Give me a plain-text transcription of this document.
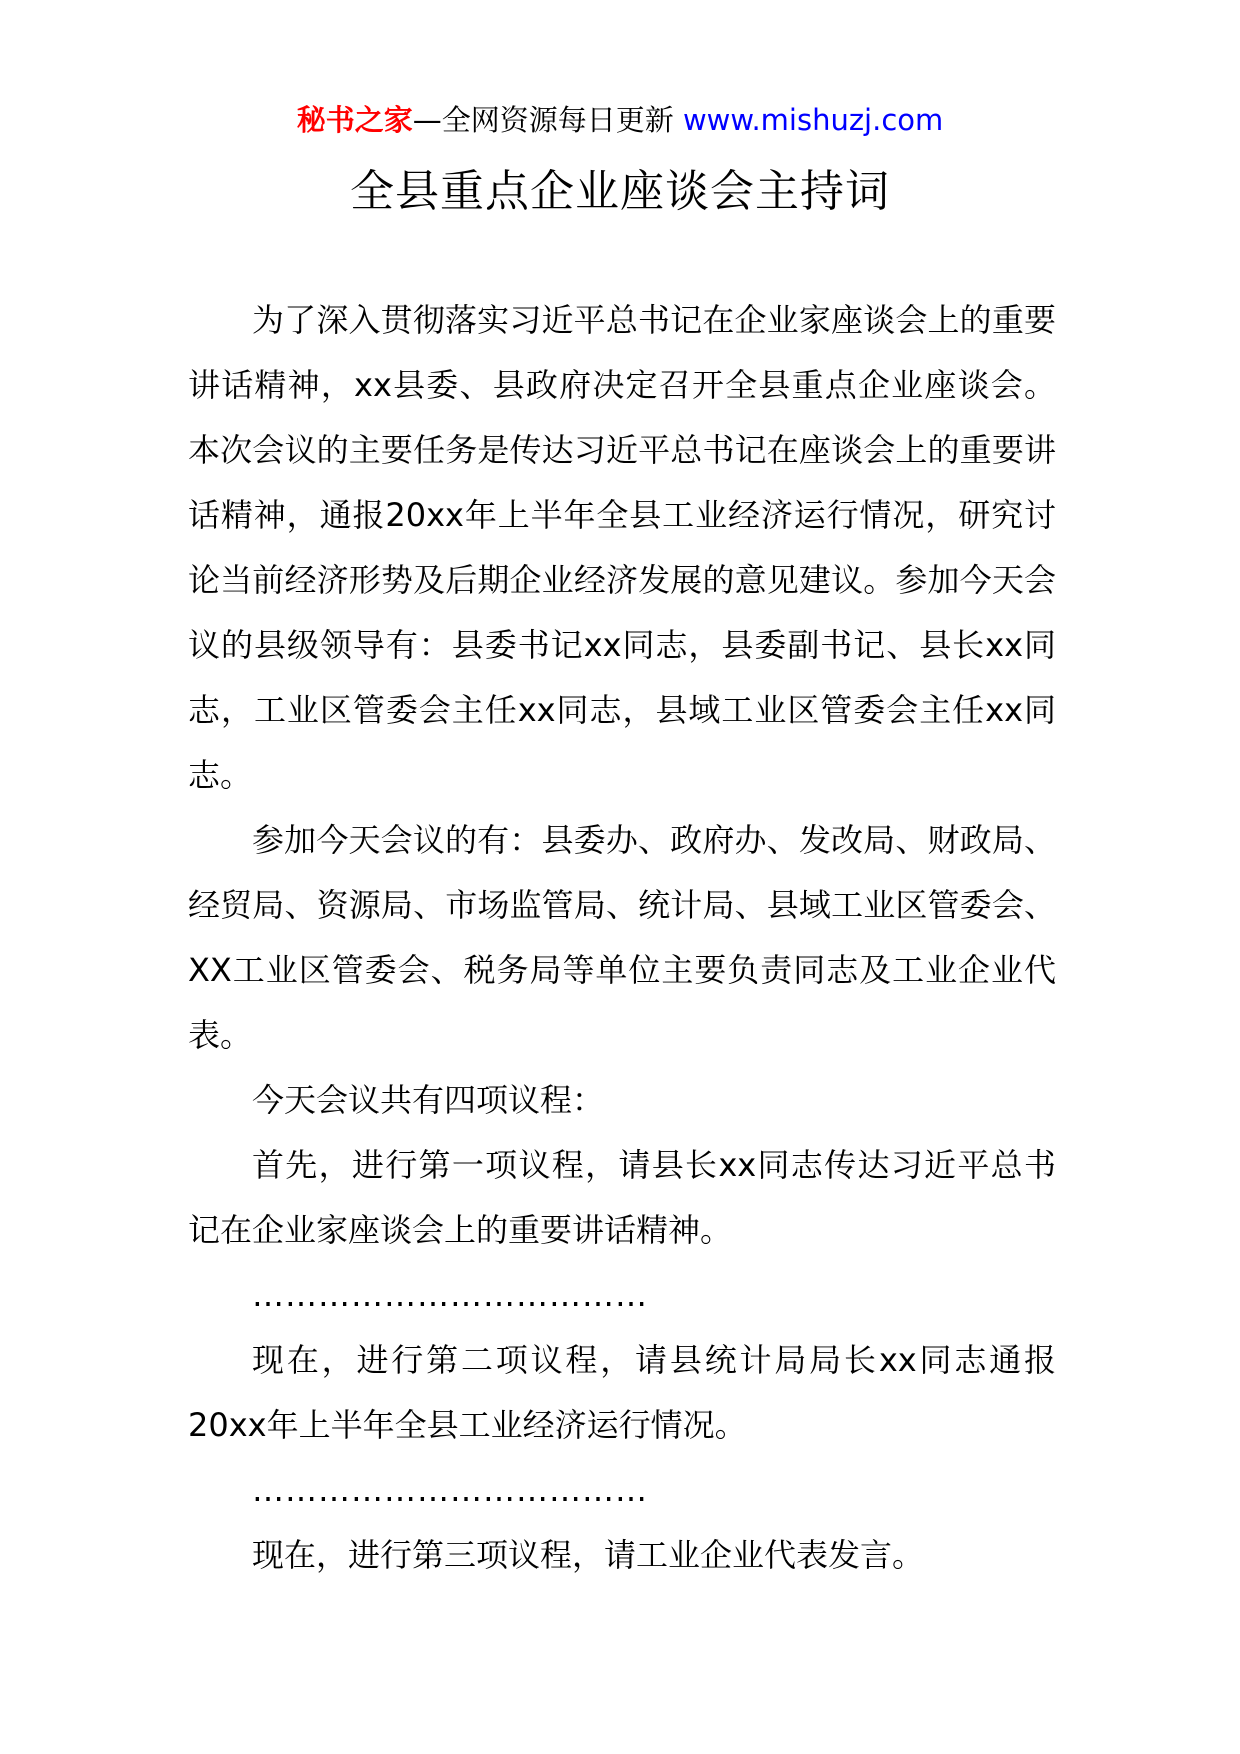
秘书之家—全网资源每日更新 www.mishuzj.com
全县重点企业座谈会主持词

为了深入贯彻落实习近平总书记在企业家座谈会上的重要讲话精神，xx县委、县政府决定召开全县重点企业座谈会。本次会议的主要任务是传达习近平总书记在座谈会上的重要讲话精神，通报20xx年上半年全县工业经济运行情况，研究讨论当前经济形势及后期企业经济发展的意见建议。参加今天会议的县级领导有：县委书记xx同志，县委副书记、县长xx同志，工业区管委会主任xx同志，县域工业区管委会主任xx同志。

参加今天会议的有：县委办、政府办、发改局、财政局、经贸局、资源局、市场监管局、统计局、县域工业区管委会、XX工业区管委会、税务局等单位主要负责同志及工业企业代表。

今天会议共有四项议程：

首先，进行第一项议程，请县长xx同志传达习近平总书记在企业家座谈会上的重要讲话精神。

………………………………

现在，进行第二项议程，请县统计局局长xx同志通报20xx年上半年全县工业经济运行情况。

………………………………

现在，进行第三项议程，请工业企业代表发言。
